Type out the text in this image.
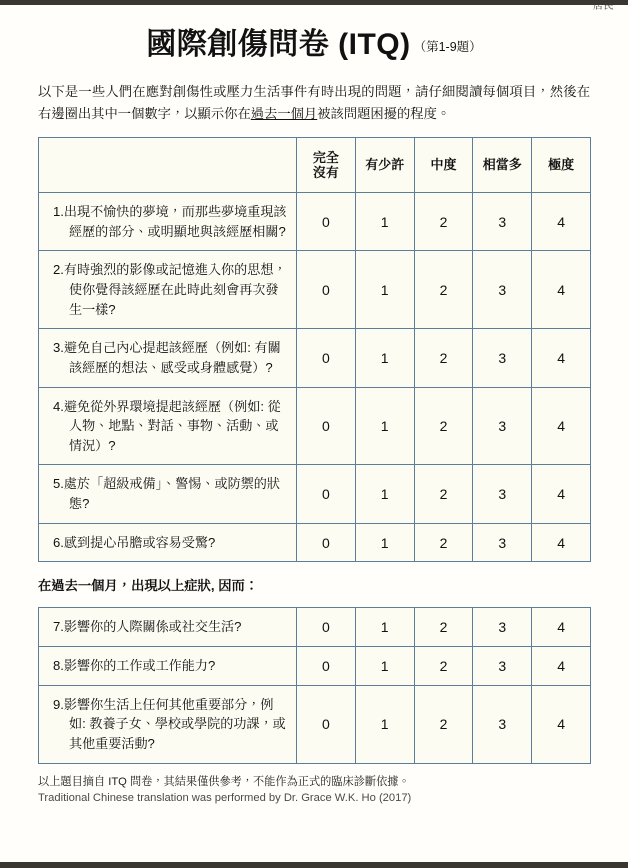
居民
國際創傷問卷 (ITQ) （第1-9題）

以下是一些人們在應對創傷性或壓力生活事件有時出現的問題，請仔細閱讀每個項目，然後在右邊圈出其中一個數字，以顯示你在過去一個月被該問題困擾的程度。

	完全
沒有	有少許	中度	相當多	極度

1.出現不愉快的夢境，而那些夢境重現該經歷的部分、或明顯地與該經歷相關?	0	1	2	3	4

2.有時強烈的影像或記憶進入你的思想，使你覺得該經歷在此時此刻會再次發生一樣?	0	1	2	3	4

3.避免自己內心提起該經歷（例如: 有關該經歷的想法、感受或身體感覺）?	0	1	2	3	4

4.避免從外界環境提起該經歷（例如: 從人物、地點、對話、事物、活動、或情況）?	0	1	2	3	4

5.處於「超級戒備」、警惕、或防禦的狀態?	0	1	2	3	4

6.感到提心吊膽或容易受驚?	0	1	2	3	4
在過去一個月，出現以上症狀, 因而：
7.影響你的人際關係或社交生活?	0	1	2	3	4

8.影響你的工作或工作能力?	0	1	2	3	4

9.影響你生活上任何其他重要部分，例如: 教養子女、學校或學院的功課，或其他重要活動?	0	1	2	3	4
以上題目摘自 ITQ 問卷，其結果僅供參考，不能作為正式的臨床診斷依據。
Traditional Chinese translation was performed by Dr. Grace W.K. Ho (2017)
